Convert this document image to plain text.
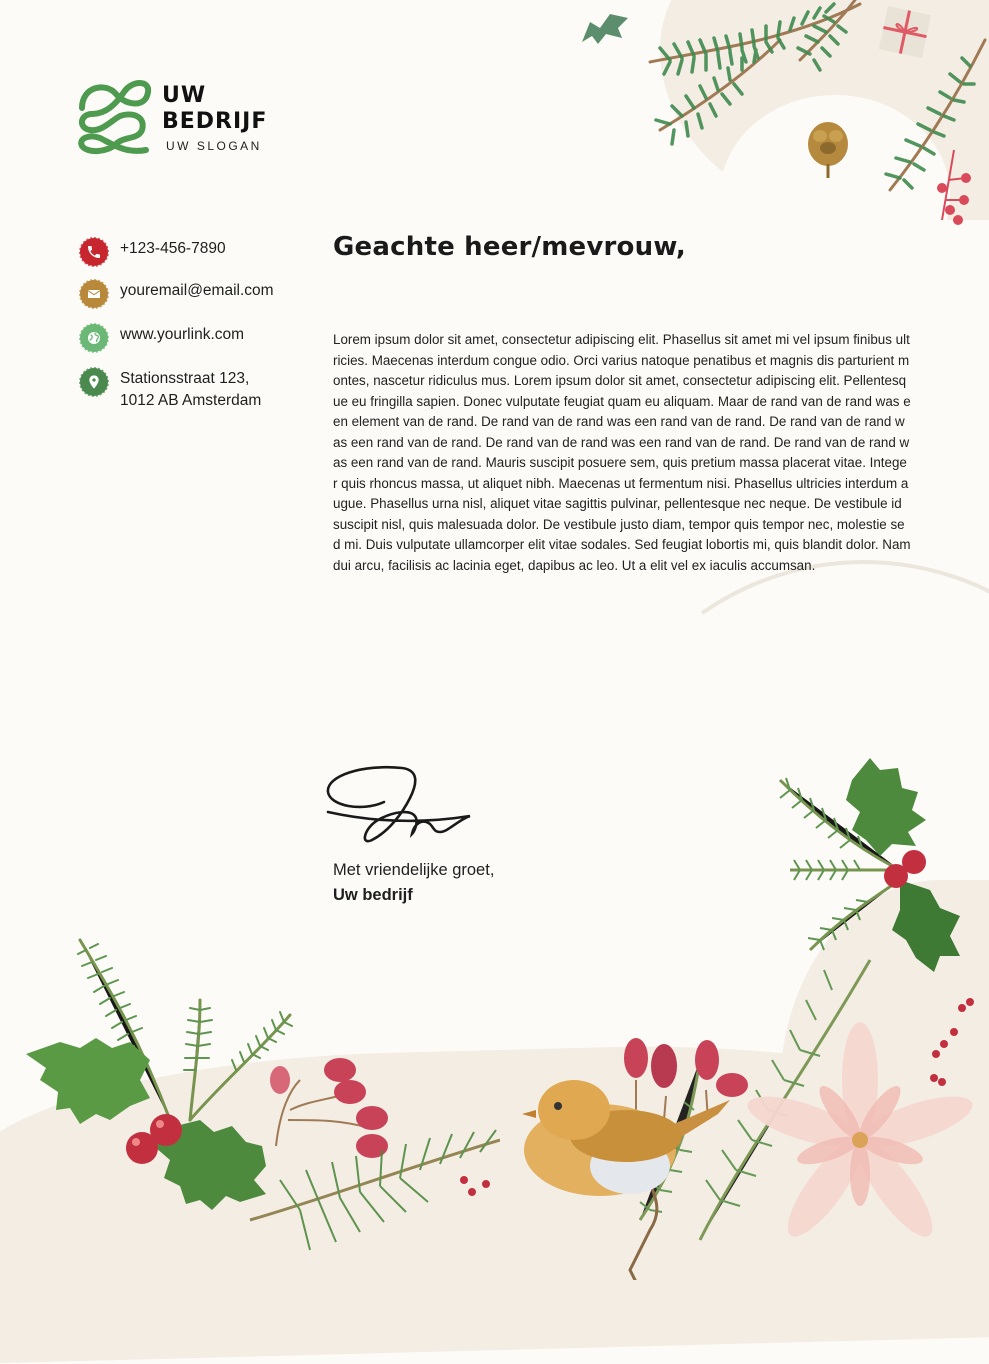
UW
BEDRIJF
UW SLOGAN
+123-456-7890
youremail@email.com
www.yourlink.com
Stationsstraat 123,
1012 AB Amsterdam
Geachte heer/mevrouw,
Lorem ipsum dolor sit amet, consectetur adipiscing elit. Phasellus sit amet mi vel ipsum finibus ultricies. Maecenas interdum congue odio. Orci varius natoque penatibus et magnis dis parturient montes, nascetur ridiculus mus. Lorem ipsum dolor sit amet, consectetur adipiscing elit. Pellentesque eu fringilla sapien. Donec vulputate feugiat quam eu aliquam. Maar de rand van de rand was een element van de rand. De rand van de rand was een rand van de rand. De rand van de rand was een rand van de rand. De rand van de rand was een rand van de rand. De rand van de rand was een rand van de rand. Mauris suscipit posuere sem, quis pretium massa placerat vitae. Integer quis rhoncus massa, ut aliquet nibh. Maecenas ut fermentum nisi. Phasellus ultricies interdum augue. Phasellus urna nisl, aliquet vitae sagittis pulvinar, pellentesque nec neque. De vestibule id suscipit nisl, quis malesuada dolor. De vestibule justo diam, tempor quis tempor nec, molestie sed mi. Duis vulputate ullamcorper elit vitae sodales. Sed feugiat lobortis mi, quis blandit dolor. Nam dui arcu, facilisis ac lacinia eget, dapibus ac leo. Ut a elit vel ex iaculis accumsan.
Met vriendelijke groet,
Uw bedrijf
